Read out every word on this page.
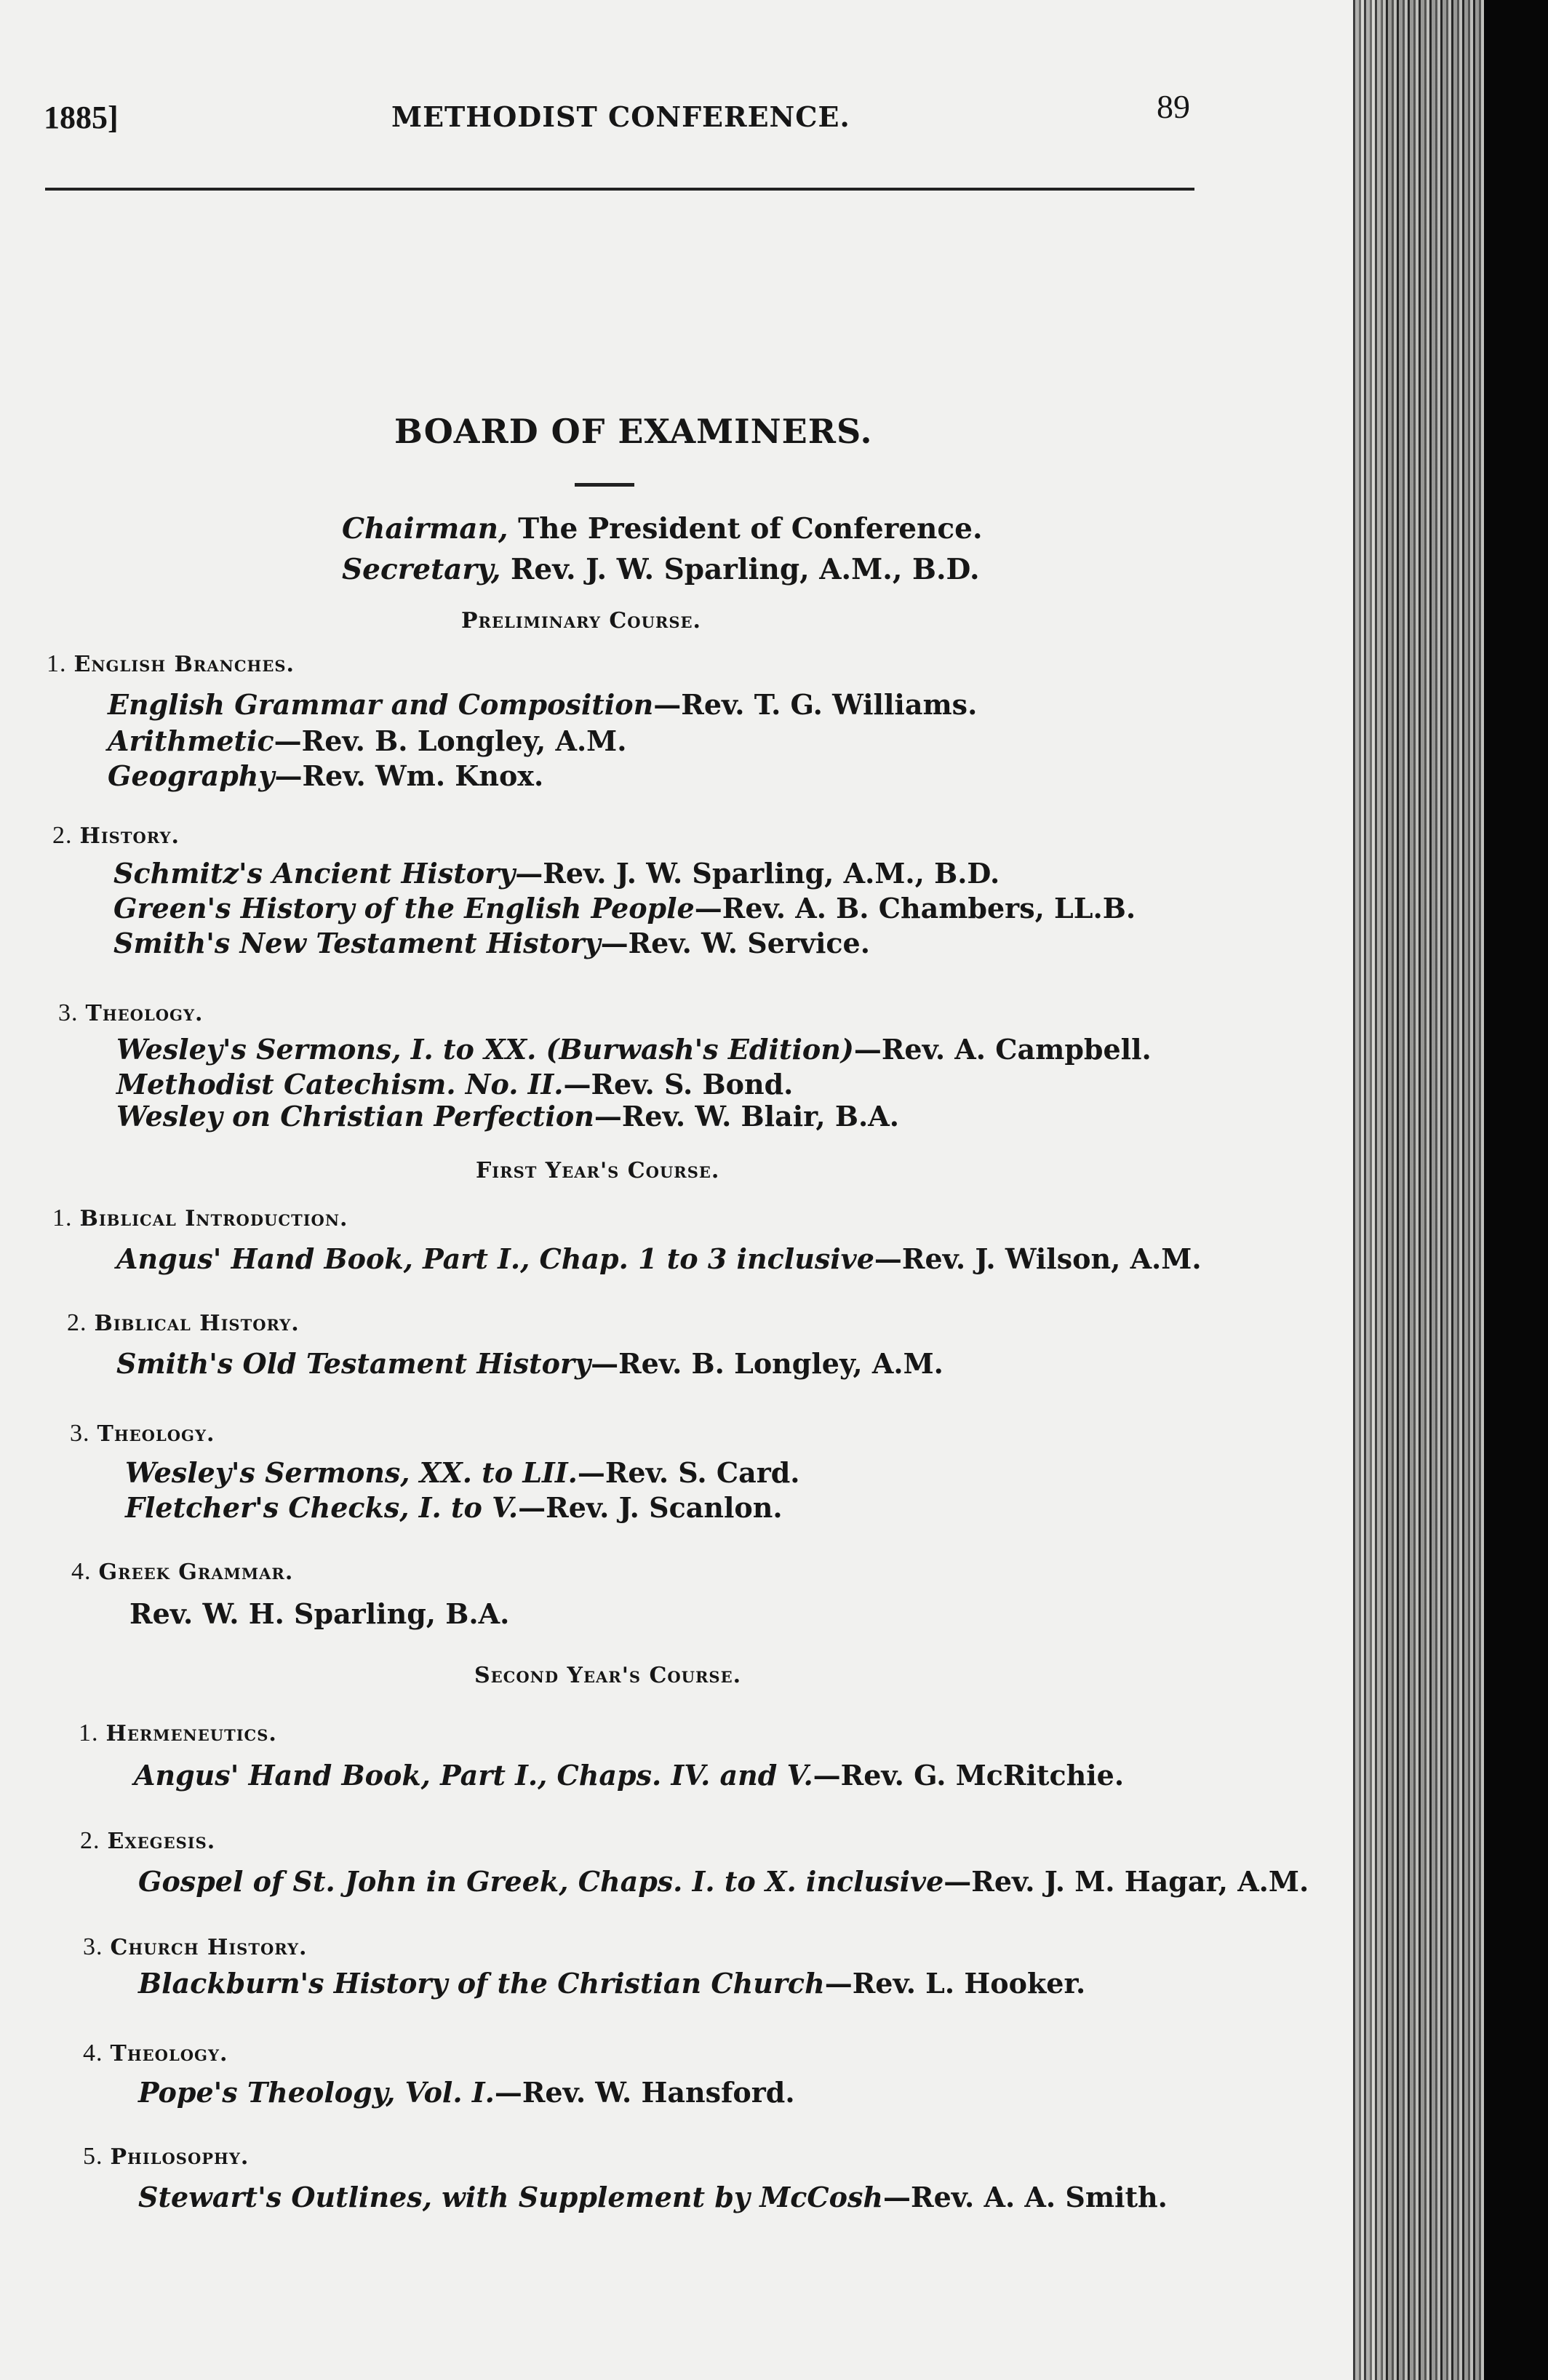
1885]	METHODIST CONFERENCE.	89
BOARD OF EXAMINERS.
Chairman, The President of Conference.
Secretary, Rev. J. W. Sparling, A.M., B.D.
Preliminary Course.
1. English Branches.
English Grammar and Composition—Rev. T. G. Williams.
Arithmetic—Rev. B. Longley, A.M.
Geography—Rev. Wm. Knox.
2. History.
Schmitz's Ancient History—Rev. J. W. Sparling, A.M., B.D.
Green's History of the English People—Rev. A. B. Chambers, LL.B.
Smith's New Testament History—Rev. W. Service.
3. Theology.
Wesley's Sermons, I. to XX. (Burwash's Edition)—Rev. A. Campbell.
Methodist Catechism. No. II.—Rev. S. Bond.
Wesley on Christian Perfection—Rev. W. Blair, B.A.
First Year's Course.
1. Biblical Introduction.
Angus' Hand Book, Part I., Chap. 1 to 3 inclusive—Rev. J. Wilson, A.M.
2. Biblical History.
Smith's Old Testament History—Rev. B. Longley, A.M.
3. Theology.
Wesley's Sermons, XX. to LII.—Rev. S. Card.
Fletcher's Checks, I. to V.—Rev. J. Scanlon.
4. Greek Grammar.
Rev. W. H. Sparling, B.A.
Second Year's Course.
1. Hermeneutics.
Angus' Hand Book, Part I., Chaps. IV. and V.—Rev. G. McRitchie.
2. Exegesis.
Gospel of St. John in Greek, Chaps. I. to X. inclusive—Rev. J. M. Hagar, A.M.
3. Church History.
Blackburn's History of the Christian Church—Rev. L. Hooker.
4. Theology.
Pope's Theology, Vol. I.—Rev. W. Hansford.
5. Philosophy.
Stewart's Outlines, with Supplement by McCosh—Rev. A. A. Smith.
